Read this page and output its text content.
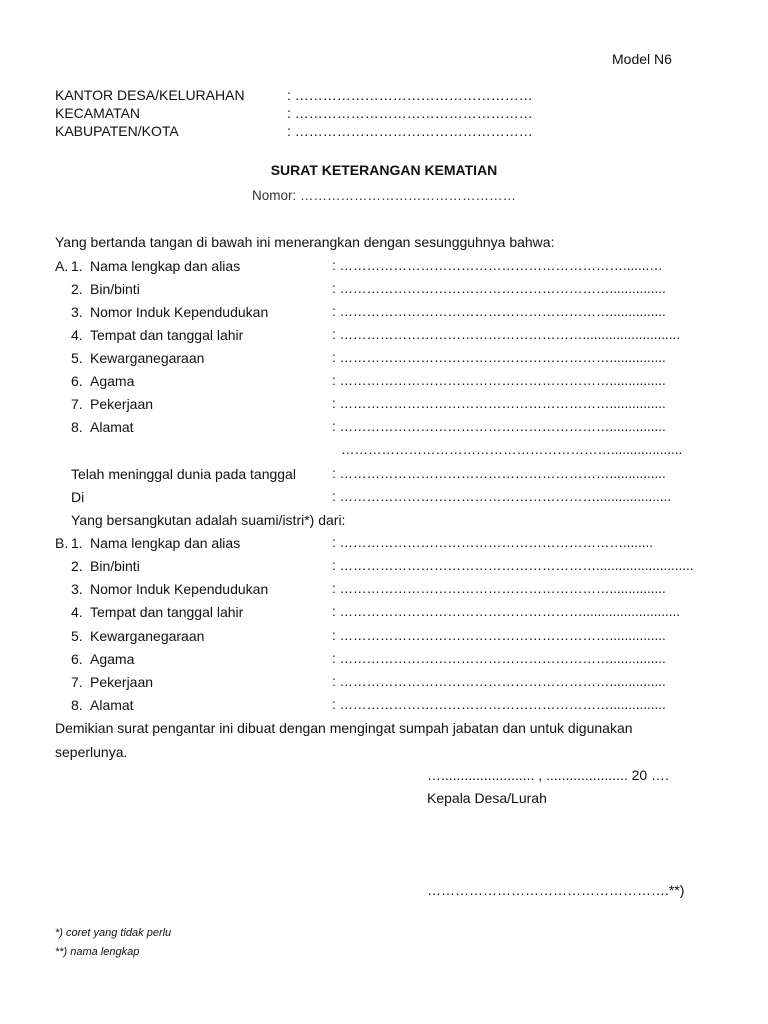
Model N6
KANTOR DESA/KELURAHAN	: ……………………………………………
KECAMATAN	: ……………………………………………
KABUPATEN/KOTA	: ……………………………………………
SURAT KETERANGAN KEMATIAN
Nomor: …………………………………………
Yang bertanda tangan di bawah ini menerangkan dengan sesungguhnya bahwa:
A. 1. Nama lengkap dan alias	: ……………………………………………………….......…
2. Bin/binti	: ……………………………………………………...............
3. Nomor Induk Kependudukan	: ……………………………………………………...............
4. Tempat dan tanggal lahir	: ………………………………………………..........................
5. Kewarganegaraan	: ……………………………………………………...............
6. Agama	: ……………………………………………………...............
7. Pekerjaan	: ……………………………………………………...............
8. Alamat	: ……………………………………………………...............
……………………………………………………...................
Telah meninggal dunia pada tanggal	: ……………………………………………………...............
Di	: …………………………………………………....................
Yang bersangkutan adalah suami/istri*) dari:
B. 1. Nama lengkap dan alias	: ………………………………………………………........
2. Bin/binti	: …………………………………………………..........................
3. Nomor Induk Kependudukan	: ……………………………………………………...............
4. Tempat dan tanggal lahir	: ………………………………………………..........................
5. Kewarganegaraan	: ……………………………………………………...............
6. Agama	: ……………………………………………………...............
7. Pekerjaan	: ……………………………………………………...............
8. Alamat	: ……………………………………………………...............
Demikian surat pengantar ini dibuat dengan mengingat sumpah jabatan dan untuk digunakan
seperlunya.
…........................ , ..................... 20 ….
Kepala Desa/Lurah
…………………………………………….**)
*) coret yang tidak perlu
**) nama lengkap
